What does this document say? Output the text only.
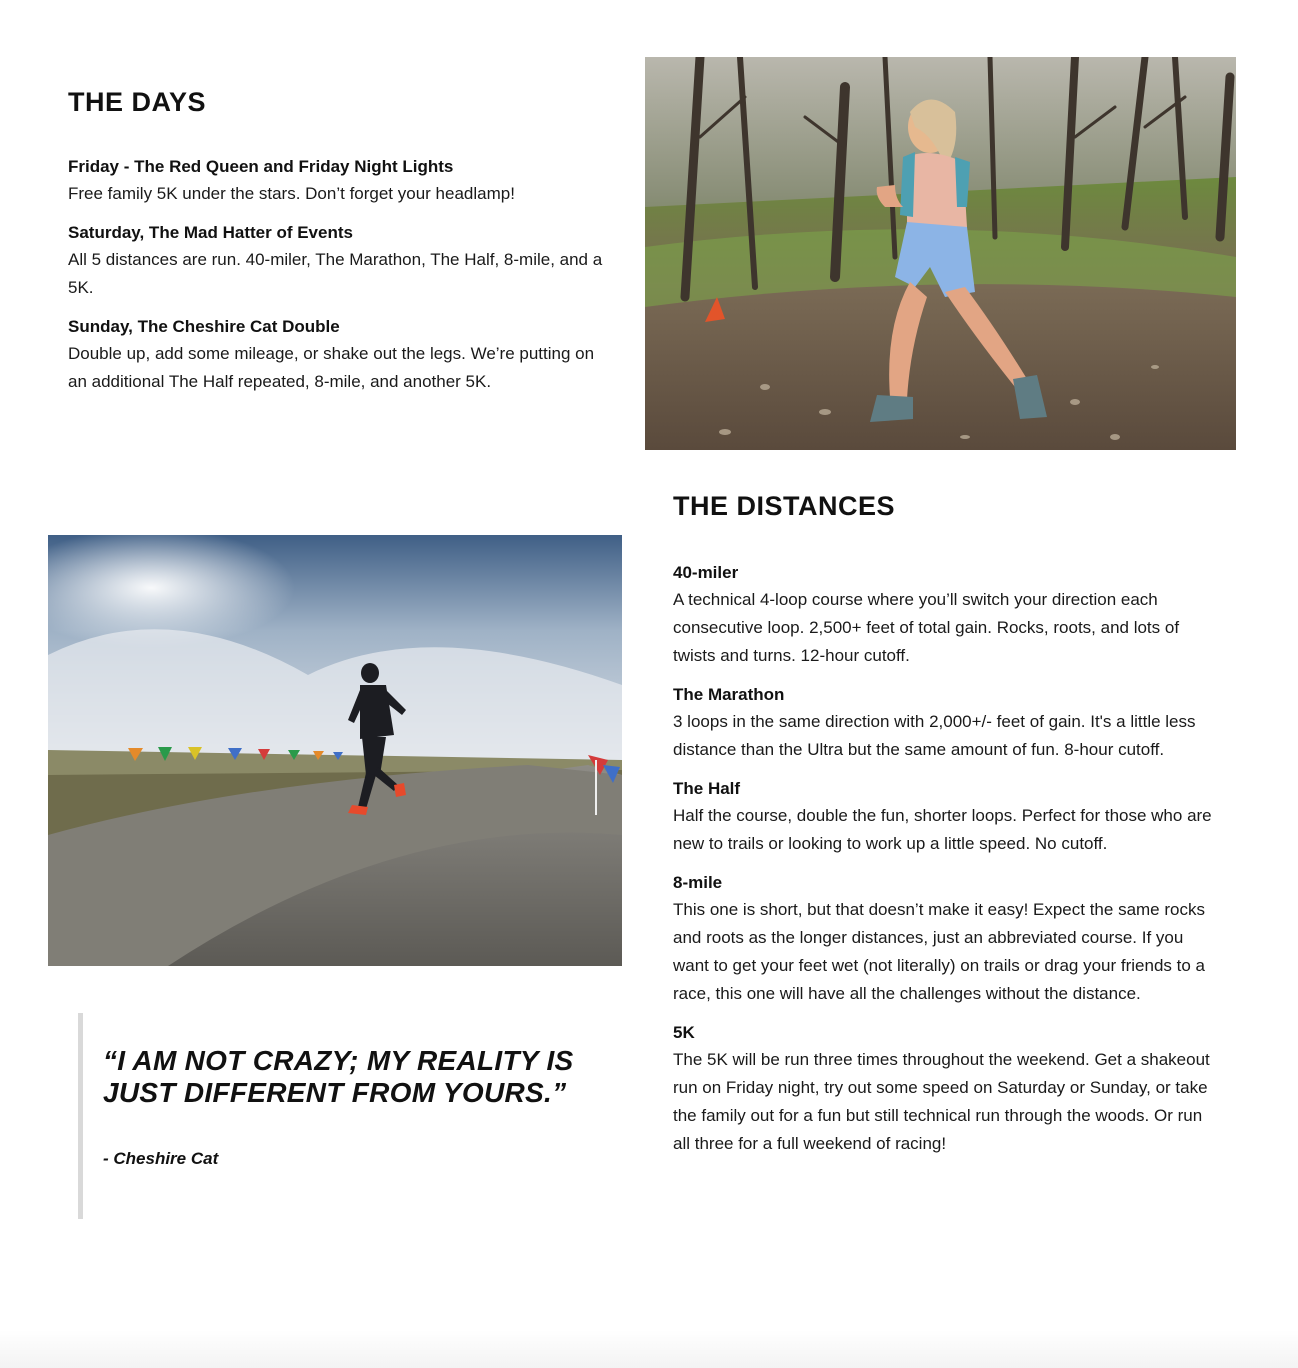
THE DAYS
Friday - The Red Queen and Friday Night Lights
Free family 5K under the stars. Don’t forget your headlamp!
Saturday, The Mad Hatter of Events
All 5 distances are run. 40-miler, The Marathon, The Half, 8-mile, and a 5K.
Sunday, The Cheshire Cat Double
Double up, add some mileage, or shake out the legs. We’re putting on an additional The Half repeated, 8-mile, and another 5K.
THE DISTANCES
40-miler
A technical 4-loop course where you’ll switch your direction each consecutive loop. 2,500+ feet of total gain. Rocks, roots, and lots of twists and turns. 12-hour cutoff.
The Marathon
3 loops in the same direction with 2,000+/- feet of gain. It's a little less distance than the Ultra but the same amount of fun. 8-hour cutoff.
The Half
Half the course, double the fun, shorter loops. Perfect for those who are new to trails or looking to work up a little speed. No cutoff.
8-mile
This one is short, but that doesn’t make it easy! Expect the same rocks and roots as the longer distances, just an abbreviated course. If you want to get your feet wet (not literally) on trails or drag your friends to a race, this one will have all the challenges without the distance.
5K
The 5K will be run three times throughout the weekend. Get a shakeout run on Friday night, try out some speed on Saturday or Sunday, or take the family out for a fun but still technical run through the woods. Or run all three for a full weekend of racing!

“I AM NOT CRAZY; MY REALITY IS JUST DIFFERENT FROM YOURS.”

- Cheshire Cat
